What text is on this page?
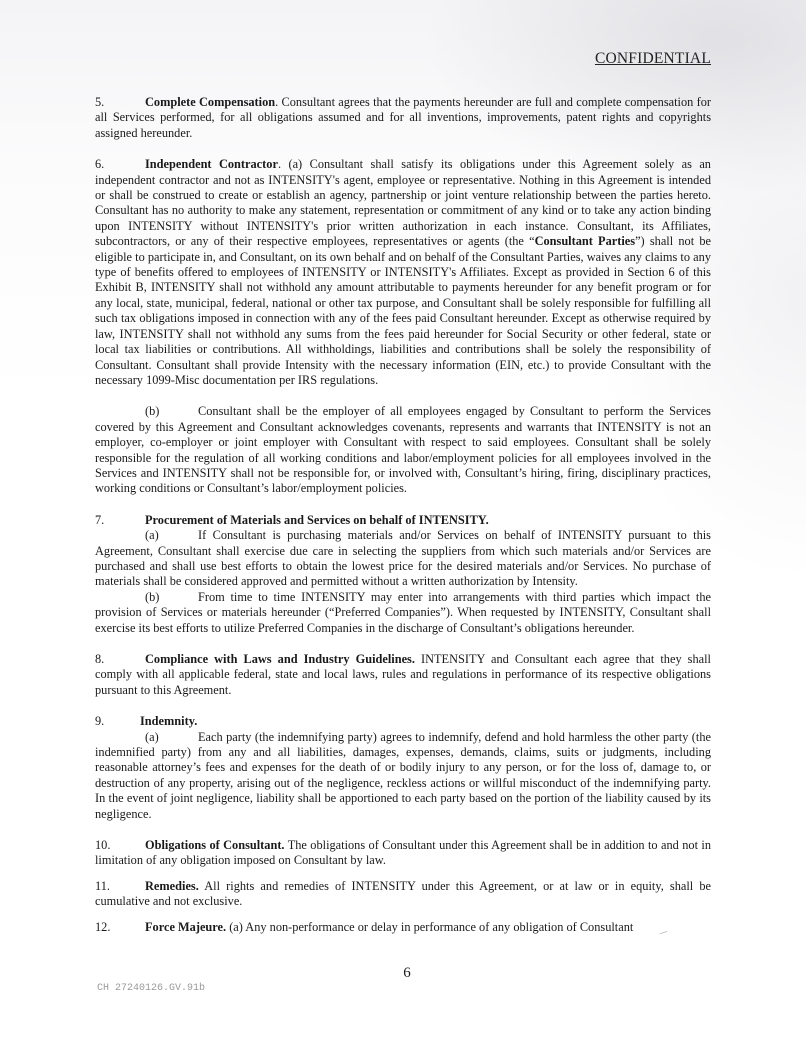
CONFIDENTIAL

5.	Complete Compensation. Consultant agrees that the payments hereunder are full and complete compensation for all Services performed, for all obligations assumed and for all inventions, improvements, patent rights and copyrights assigned hereunder.

6.	Independent Contractor. (a) Consultant shall satisfy its obligations under this Agreement solely as an independent contractor and not as INTENSITY's agent, employee or representative. Nothing in this Agreement is intended or shall be construed to create or establish an agency, partnership or joint venture relationship between the parties hereto. Consultant has no authority to make any statement, representation or commitment of any kind or to take any action binding upon INTENSITY without INTENSITY's prior written authorization in each instance. Consultant, its Affiliates, subcontractors, or any of their respective employees, representatives or agents (the “Consultant Parties”) shall not be eligible to participate in, and Consultant, on its own behalf and on behalf of the Consultant Parties, waives any claims to any type of benefits offered to employees of INTENSITY or INTENSITY's Affiliates. Except as provided in Section 6 of this Exhibit B, INTENSITY shall not withhold any amount attributable to payments hereunder for any benefit program or for any local, state, municipal, federal, national or other tax purpose, and Consultant shall be solely responsible for fulfilling all such tax obligations imposed in connection with any of the fees paid Consultant hereunder. Except as otherwise required by law, INTENSITY shall not withhold any sums from the fees paid hereunder for Social Security or other federal, state or local tax liabilities or contributions. All withholdings, liabilities and contributions shall be solely the responsibility of Consultant. Consultant shall provide Intensity with the necessary information (EIN, etc.) to provide Consultant with the necessary 1099-Misc documentation per IRS regulations.

(b)	Consultant shall be the employer of all employees engaged by Consultant to perform the Services covered by this Agreement and Consultant acknowledges covenants, represents and warrants that INTENSITY is not an employer, co-employer or joint employer with Consultant with respect to said employees. Consultant shall be solely responsible for the regulation of all working conditions and labor/employment policies for all employees involved in the Services and INTENSITY shall not be responsible for, or involved with, Consultant’s hiring, firing, disciplinary practices, working conditions or Consultant’s labor/employment policies.

7.	Procurement of Materials and Services on behalf of INTENSITY.
(a)	If Consultant is purchasing materials and/or Services on behalf of INTENSITY pursuant to this Agreement, Consultant shall exercise due care in selecting the suppliers from which such materials and/or Services are purchased and shall use best efforts to obtain the lowest price for the desired materials and/or Services. No purchase of materials shall be considered approved and permitted without a written authorization by Intensity.
(b)	From time to time INTENSITY may enter into arrangements with third parties which impact the provision of Services or materials hereunder (“Preferred Companies”). When requested by INTENSITY, Consultant shall exercise its best efforts to utilize Preferred Companies in the discharge of Consultant’s obligations hereunder.

8.	Compliance with Laws and Industry Guidelines. INTENSITY and Consultant each agree that they shall comply with all applicable federal, state and local laws, rules and regulations in performance of its respective obligations pursuant to this Agreement.

9.	Indemnity.
(a)	Each party (the indemnifying party) agrees to indemnify, defend and hold harmless the other party (the indemnified party) from any and all liabilities, damages, expenses, demands, claims, suits or judgments, including reasonable attorney’s fees and expenses for the death of or bodily injury to any person, or for the loss of, damage to, or destruction of any property, arising out of the negligence, reckless actions or willful misconduct of the indemnifying party. In the event of joint negligence, liability shall be apportioned to each party based on the portion of the liability caused by its negligence.

10.	Obligations of Consultant. The obligations of Consultant under this Agreement shall be in addition to and not in limitation of any obligation imposed on Consultant by law.

11.	Remedies. All rights and remedies of INTENSITY under this Agreement, or at law or in equity, shall be cumulative and not exclusive.

12.	Force Majeure. (a) Any non-performance or delay in performance of any obligation of Consultant

6
CH 27240126.GV.91b
